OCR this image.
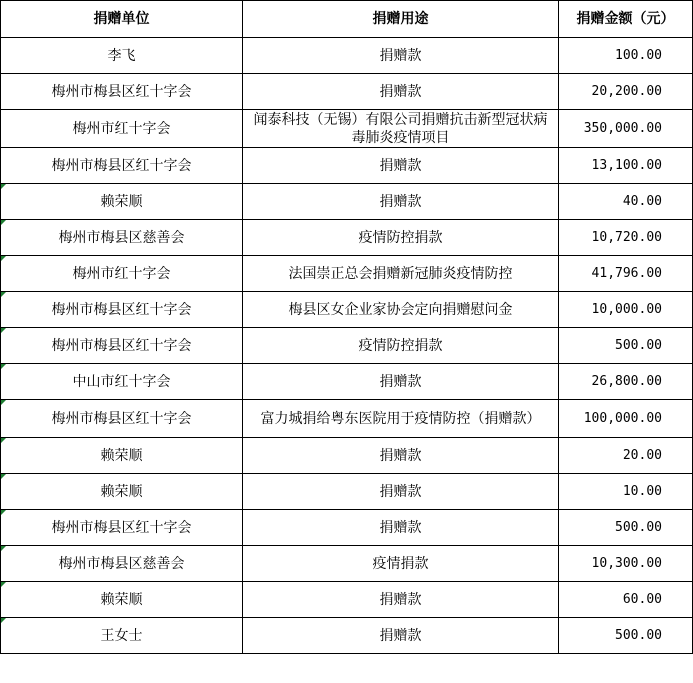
捐赠单位	捐赠用途	捐赠金额（元）
李飞	捐赠款	100.00
梅州市梅县区红十字会	捐赠款	20,200.00
梅州市红十字会	闻泰科技（无锡）有限公司捐赠抗击新型冠状病毒肺炎疫情项目	350,000.00
梅州市梅县区红十字会	捐赠款	13,100.00

赖荣顺	捐赠款	40.00

梅州市梅县区慈善会	疫情防控捐款	10,720.00

梅州市红十字会	法国崇正总会捐赠新冠肺炎疫情防控	41,796.00

梅州市梅县区红十字会	梅县区女企业家协会定向捐赠慰问金	10,000.00

梅州市梅县区红十字会	疫情防控捐款	500.00

中山市红十字会	捐赠款	26,800.00

梅州市梅县区红十字会	富力城捐给粤东医院用于疫情防控（捐赠款）	100,000.00

赖荣顺	捐赠款	20.00

赖荣顺	捐赠款	10.00

梅州市梅县区红十字会	捐赠款	500.00

梅州市梅县区慈善会	疫情捐款	10,300.00

赖荣顺	捐赠款	60.00

王女士	捐赠款	500.00
